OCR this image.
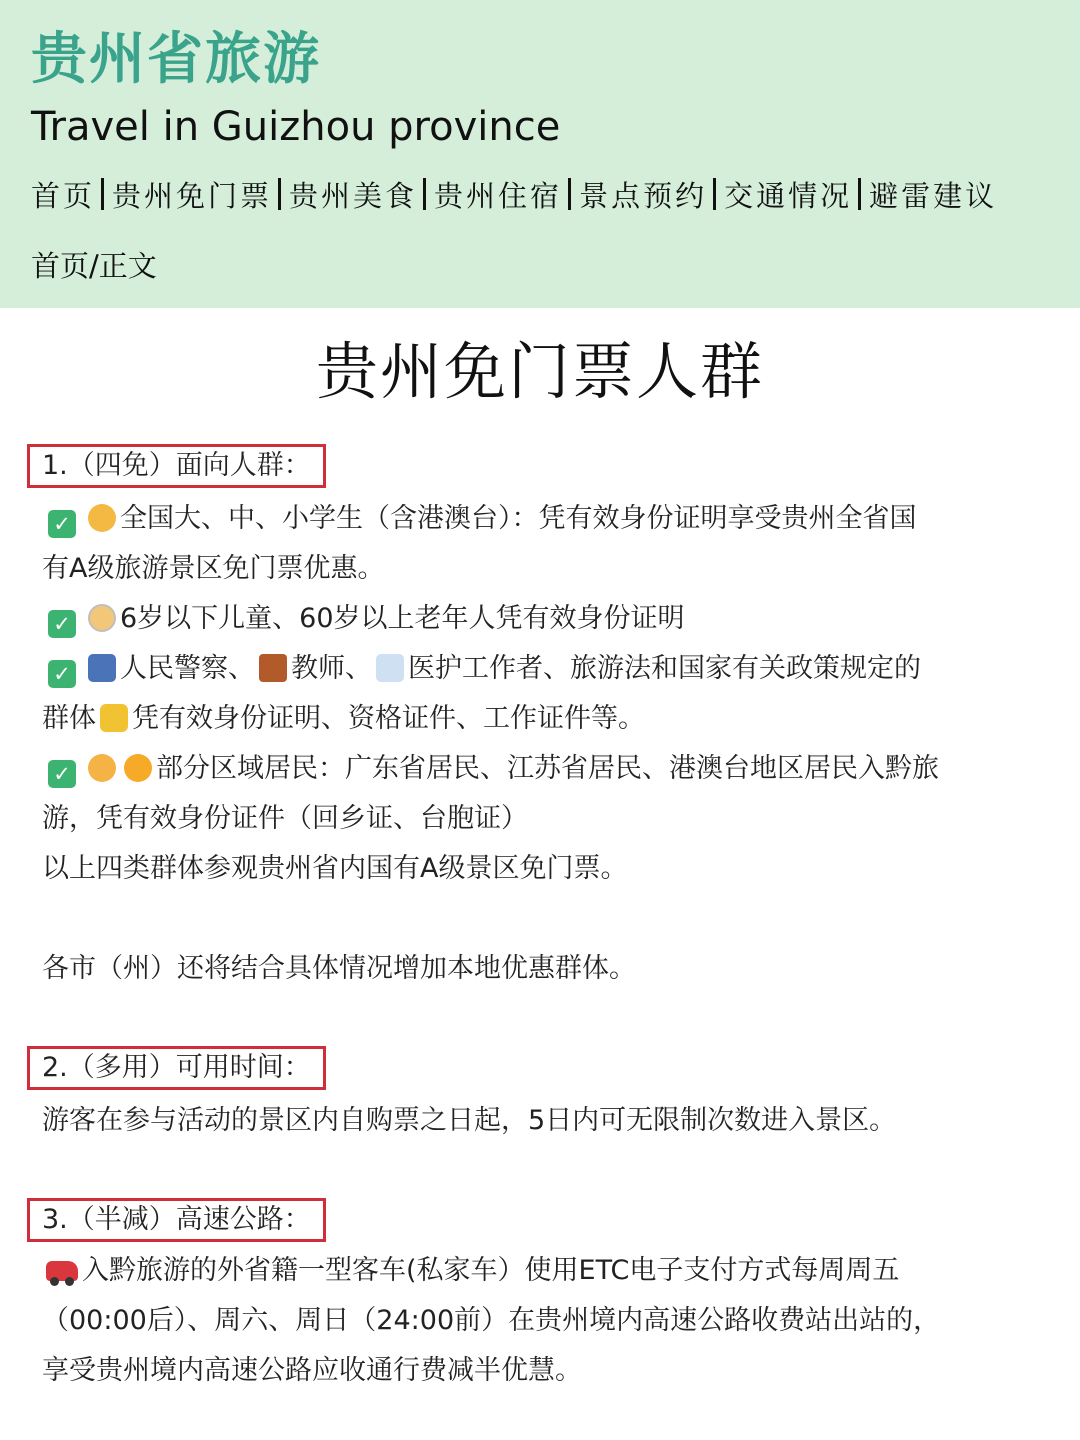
贵州省旅游
Travel in Guizhou province
首页 贵州免门票 贵州美食 贵州住宿 景点预约 交通情况 避雷建议
首页/正文
贵州免门票人群
1.（四免）面向人群：
✓ 全国大、中、小学生（含港澳台）：凭有效身份证明享受贵州全省国
有A级旅游景区免门票优惠。
✓ 6岁以下儿童、60岁以上老年人凭有效身份证明
✓ 人民警察、 教师、 医护工作者、旅游法和国家有关政策规定的
群体 凭有效身份证明、资格证件、工作证件等。
✓	部分区域居民：广东省居民、江苏省居民、港澳台地区居民入黔旅
游，凭有效身份证件（回乡证、台胞证）
以上四类群体参观贵州省内国有A级景区免门票。
各市（州）还将结合具体情况增加本地优惠群体。
2.（多用）可用时间：
游客在参与活动的景区内自购票之日起，5日内可无限制次数进入景区。
3.（半减）高速公路：
入黔旅游的外省籍一型客车(私家车）使用ETC电子支付方式每周周五
（00:00后）、周六、周日（24:00前）在贵州境内高速公路收费站出站的，
享受贵州境内高速公路应收通行费减半优慧。
